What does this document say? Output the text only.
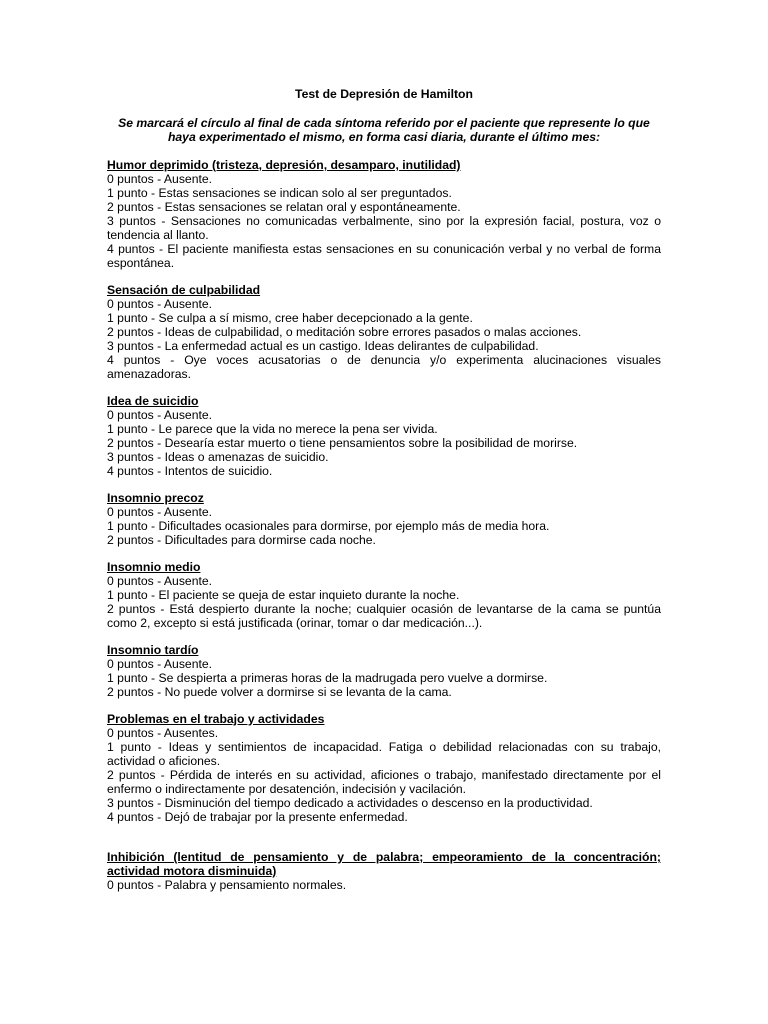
Test de Depresión de Hamilton
Se marcará el círculo al final de cada síntoma referido por el paciente que represente lo que haya experimentado el mismo, en forma casi diaria, durante el último mes:
Humor deprimido (tristeza, depresión, desamparo, inutilidad)
0 puntos - Ausente.
1 punto - Estas sensaciones se indican solo al ser preguntados.
2 puntos - Estas sensaciones se relatan oral y espontáneamente.
3 puntos - Sensaciones no comunicadas verbalmente, sino por la expresión facial, postura, voz o tendencia al llanto.
4 puntos - El paciente manifiesta estas sensaciones en su conunicación verbal y no verbal de forma espontánea.
Sensación de culpabilidad
0 puntos - Ausente.
1 punto - Se culpa a sí mismo, cree haber decepcionado a la gente.
2 puntos - Ideas de culpabilidad, o meditación sobre errores pasados o malas acciones.
3 puntos - La enfermedad actual es un castigo. Ideas delirantes de culpabilidad.
4 puntos - Oye voces acusatorias o de denuncia y/o experimenta alucinaciones visuales amenazadoras.
Idea de suicidio
0 puntos - Ausente.
1 punto - Le parece que la vida no merece la pena ser vivida.
2 puntos - Desearía estar muerto o tiene pensamientos sobre la posibilidad de morirse.
3 puntos - Ideas o amenazas de suicidio.
4 puntos - Intentos de suicidio.
Insomnio precoz
0 puntos - Ausente.
1 punto - Dificultades ocasionales para dormirse, por ejemplo más de media hora.
2 puntos - Dificultades para dormirse cada noche.
Insomnio medio
0 puntos - Ausente.
1 punto - El paciente se queja de estar inquieto durante la noche.
2 puntos - Está despierto durante la noche; cualquier ocasión de levantarse de la cama se puntúa como 2, excepto si está justificada (orinar, tomar o dar medicación...).
Insomnio tardío
0 puntos - Ausente.
1 punto - Se despierta a primeras horas de la madrugada pero vuelve a dormirse.
2 puntos - No puede volver a dormirse si se levanta de la cama.
Problemas en el trabajo y actividades
0 puntos - Ausentes.
1 punto - Ideas y sentimientos de incapacidad. Fatiga o debilidad relacionadas con su trabajo, actividad o aficiones.
2 puntos - Pérdida de interés en su actividad, aficiones o trabajo, manifestado directamente por el enfermo o indirectamente por desatención, indecisión y vacilación.
3 puntos - Disminución del tiempo dedicado a actividades o descenso en la productividad.
4 puntos - Dejó de trabajar por la presente enfermedad.
Inhibición (lentitud de pensamiento y de palabra; empeoramiento de la concentración; actividad motora disminuida)
0 puntos - Palabra y pensamiento normales.
